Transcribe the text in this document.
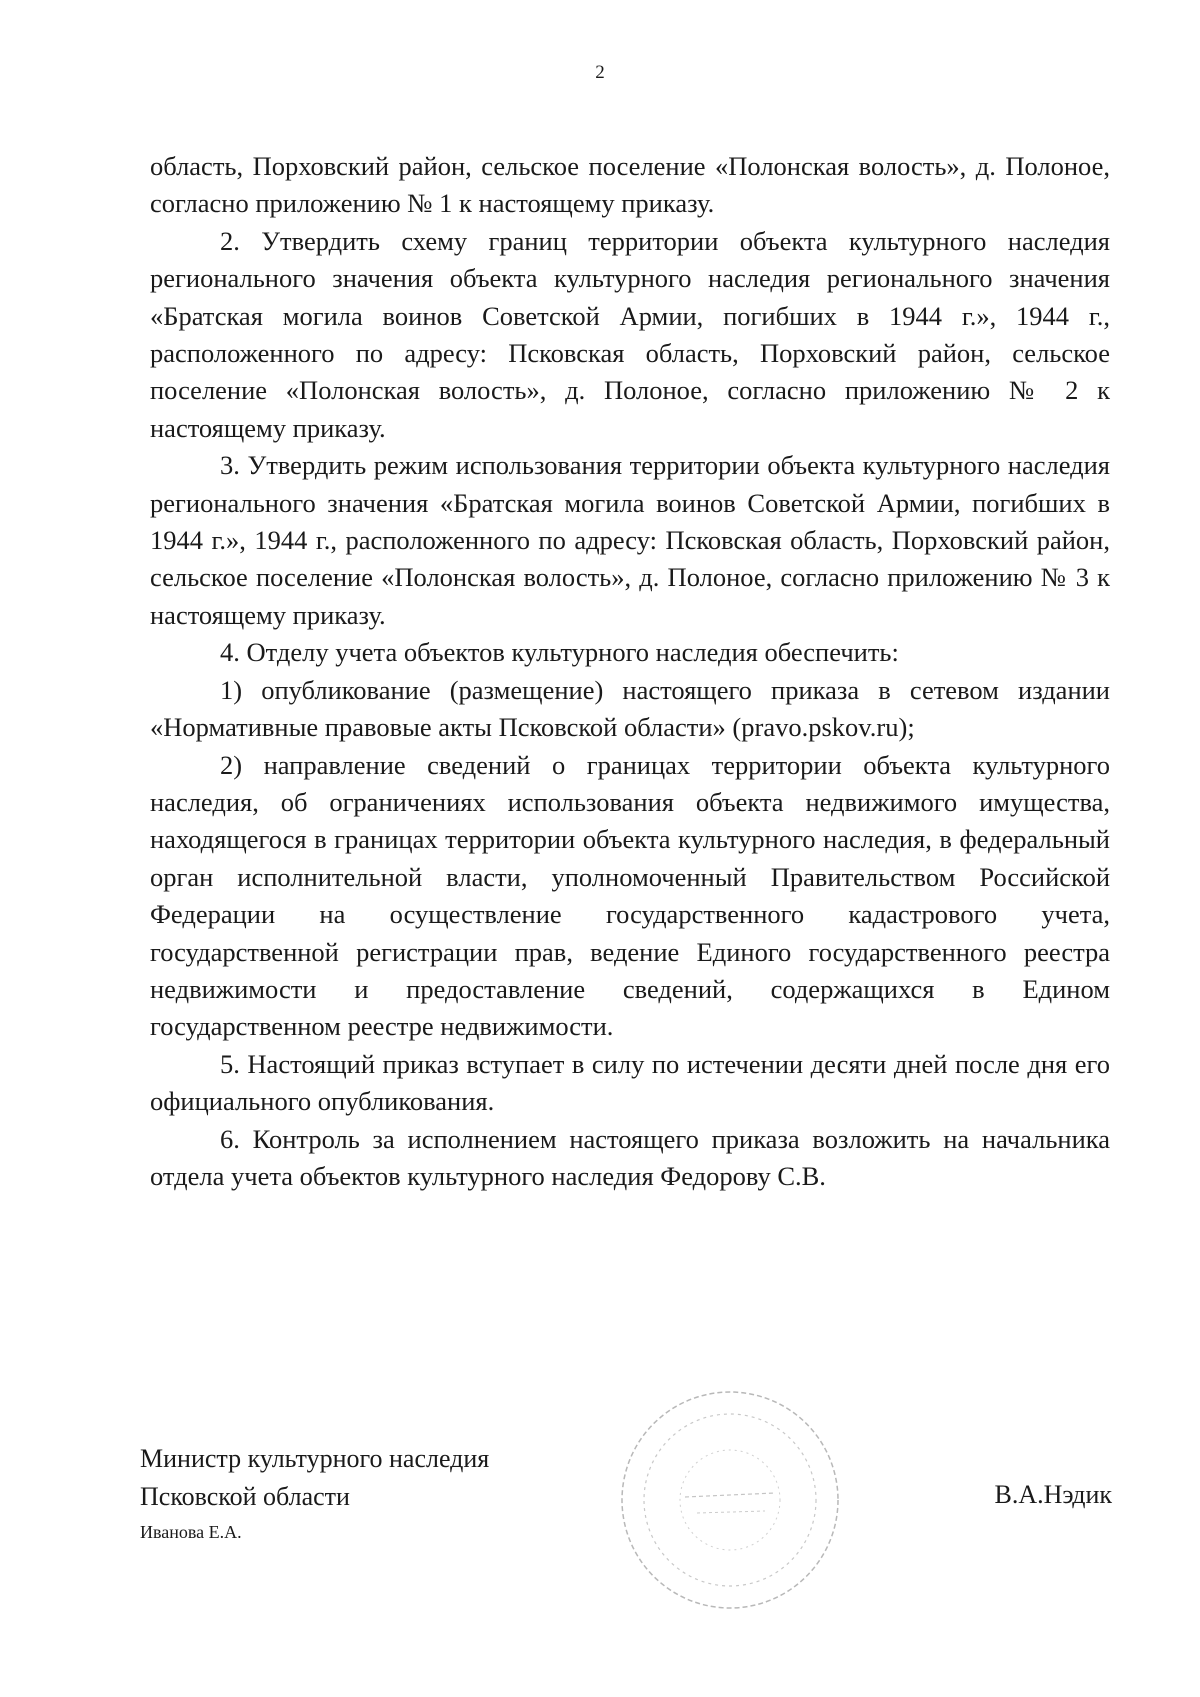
2

область, Порховский район, сельское поселение «Полонская волость», д. Полоное, согласно приложению № 1 к настоящему приказу.

2. Утвердить схему границ территории объекта культурного наследия регионального значения объекта культурного наследия регионального значения «Братская могила воинов Советской Армии, погибших в 1944 г.», 1944 г., расположенного по адресу: Псковская область, Порховский район, сельское поселение «Полонская волость», д. Полоное, согласно приложению № 2 к настоящему приказу.

3. Утвердить режим использования территории объекта культурного наследия регионального значения «Братская могила воинов Советской Армии, погибших в 1944 г.», 1944 г., расположенного по адресу: Псковская область, Порховский район, сельское поселение «Полонская волость», д. Полоное, согласно приложению № 3 к настоящему приказу.

4. Отделу учета объектов культурного наследия обеспечить:

1) опубликование (размещение) настоящего приказа в сетевом издании «Нормативные правовые акты Псковской области» (pravo.pskov.ru);

2) направление сведений о границах территории объекта культурного наследия, об ограничениях использования объекта недвижимого имущества, находящегося в границах территории объекта культурного наследия, в федеральный орган исполнительной власти, уполномоченный Правительством Российской Федерации на осуществление государственного кадастрового учета, государственной регистрации прав, ведение Единого государственного реестра недвижимости и предоставление сведений, содержащихся в Едином государственном реестре недвижимости.

5. Настоящий приказ вступает в силу по истечении десяти дней после дня его официального опубликования.

6. Контроль за исполнением настоящего приказа возложить на начальника отдела учета объектов культурного наследия Федорову С.В.

Министр культурного наследия
Псковской области
Иванова Е.А.
В.А.Нэдик
